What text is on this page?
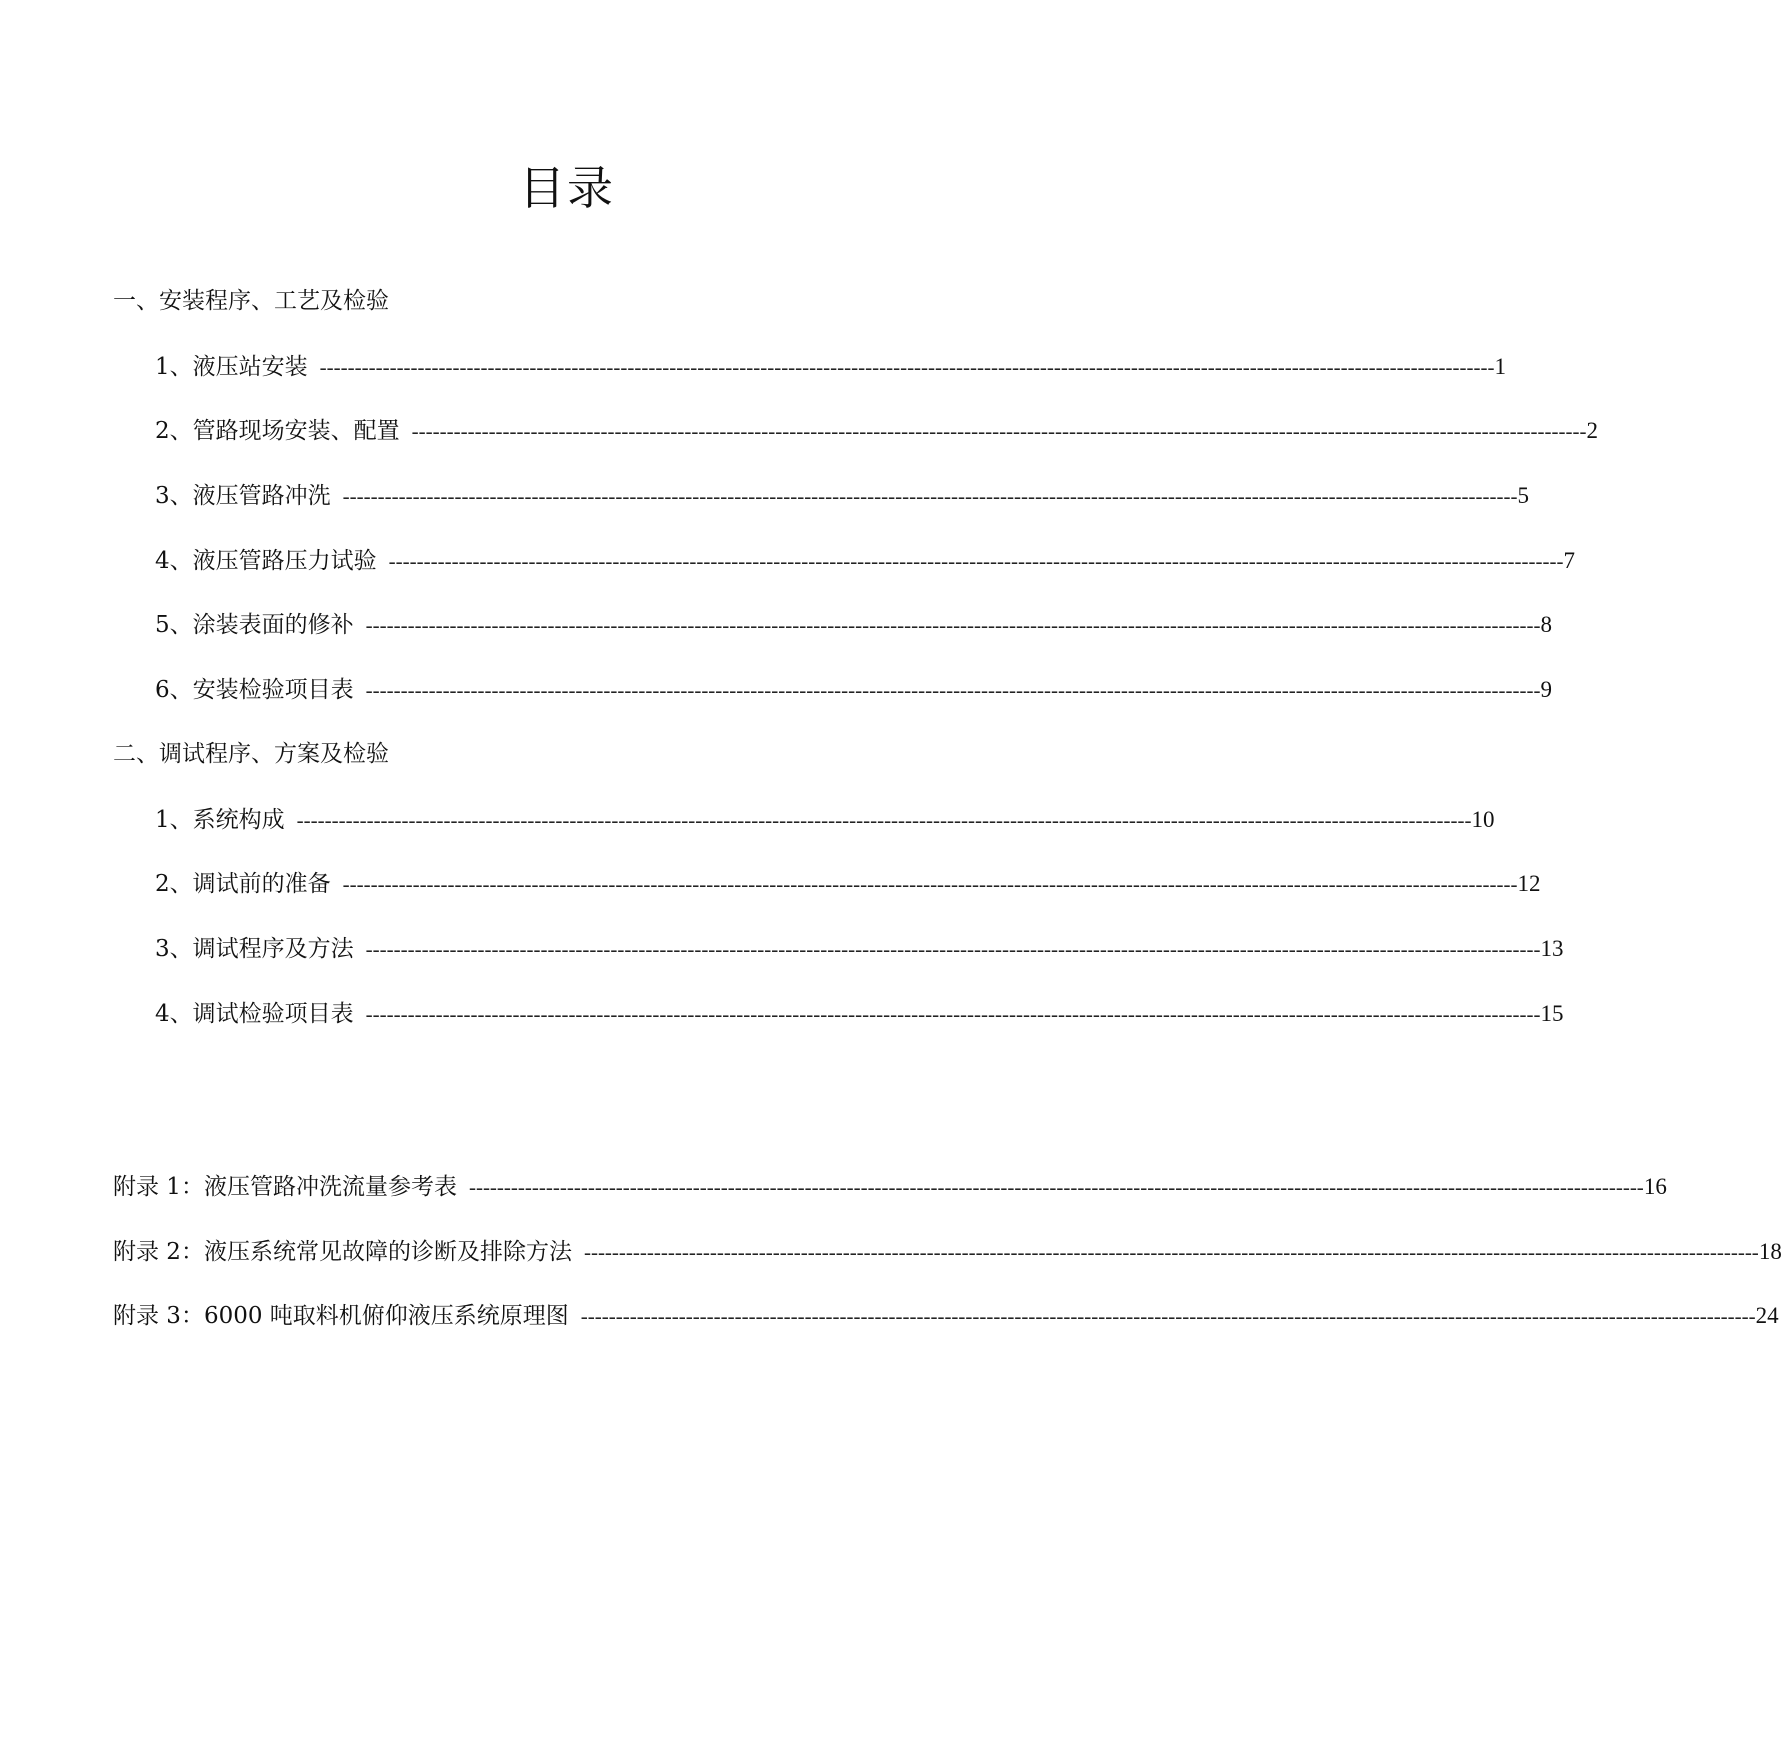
目录
一、安装程序、工艺及检验
1、液压站安装 ------------------------------------------------------------------------------------------------------------------------------------------------------------------------ 1
2、管路现场安装、配置 ------------------------------------------------------------------------------------------------------------------------------------------------------------------------ 2
3、液压管路冲洗 ------------------------------------------------------------------------------------------------------------------------------------------------------------------------ 5
4、液压管路压力试验 ------------------------------------------------------------------------------------------------------------------------------------------------------------------------ 7
5、涂装表面的修补 ------------------------------------------------------------------------------------------------------------------------------------------------------------------------ 8
6、安装检验项目表 ------------------------------------------------------------------------------------------------------------------------------------------------------------------------ 9
二、调试程序、方案及检验
1、系统构成 ------------------------------------------------------------------------------------------------------------------------------------------------------------------------ 10
2、调试前的准备 ------------------------------------------------------------------------------------------------------------------------------------------------------------------------ 12
3、调试程序及方法 ------------------------------------------------------------------------------------------------------------------------------------------------------------------------ 13
4、调试检验项目表 ------------------------------------------------------------------------------------------------------------------------------------------------------------------------ 15
附录 1：液压管路冲洗流量参考表 ------------------------------------------------------------------------------------------------------------------------------------------------------------------------ 16
附录 2：液压系统常见故障的诊断及排除方法 ------------------------------------------------------------------------------------------------------------------------------------------------------------------------ 18
附录 3：6000 吨取料机俯仰液压系统原理图 ------------------------------------------------------------------------------------------------------------------------------------------------------------------------ 24
